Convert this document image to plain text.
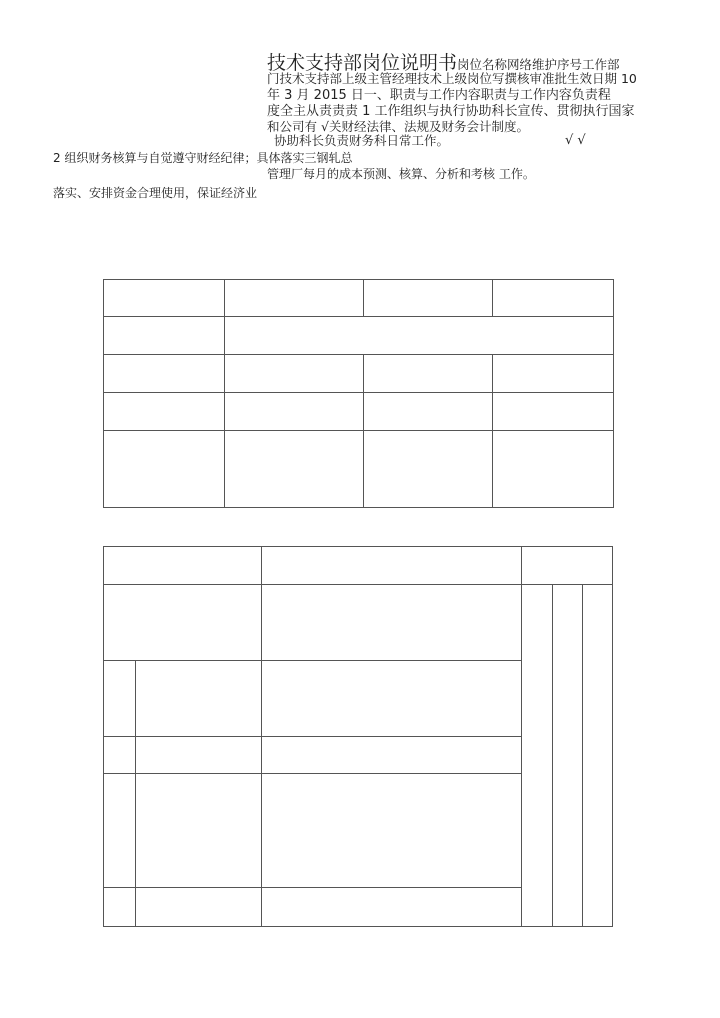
技术支持部岗位说明书岗位名称网络维护序号工作部
门技术支持部上级主管经理技术上级岗位写撰核审准批生效日期 10
年 3 月 2015 日一、职责与工作内容职责与工作内容负责程
度全主从责责责 1 工作组织与执行协助科长宣传、贯彻执行国家
和公司有 √关财经法律、法规及财务会计制度。
协助科长负责财务科日常工作。	√ √
2 组织财务核算与自觉遵守财经纪律；具体落实三钢轧总
管理厂每月的成本预测、核算、分析和考核 工作。
落实、安排资金合理使用，保证经济业
